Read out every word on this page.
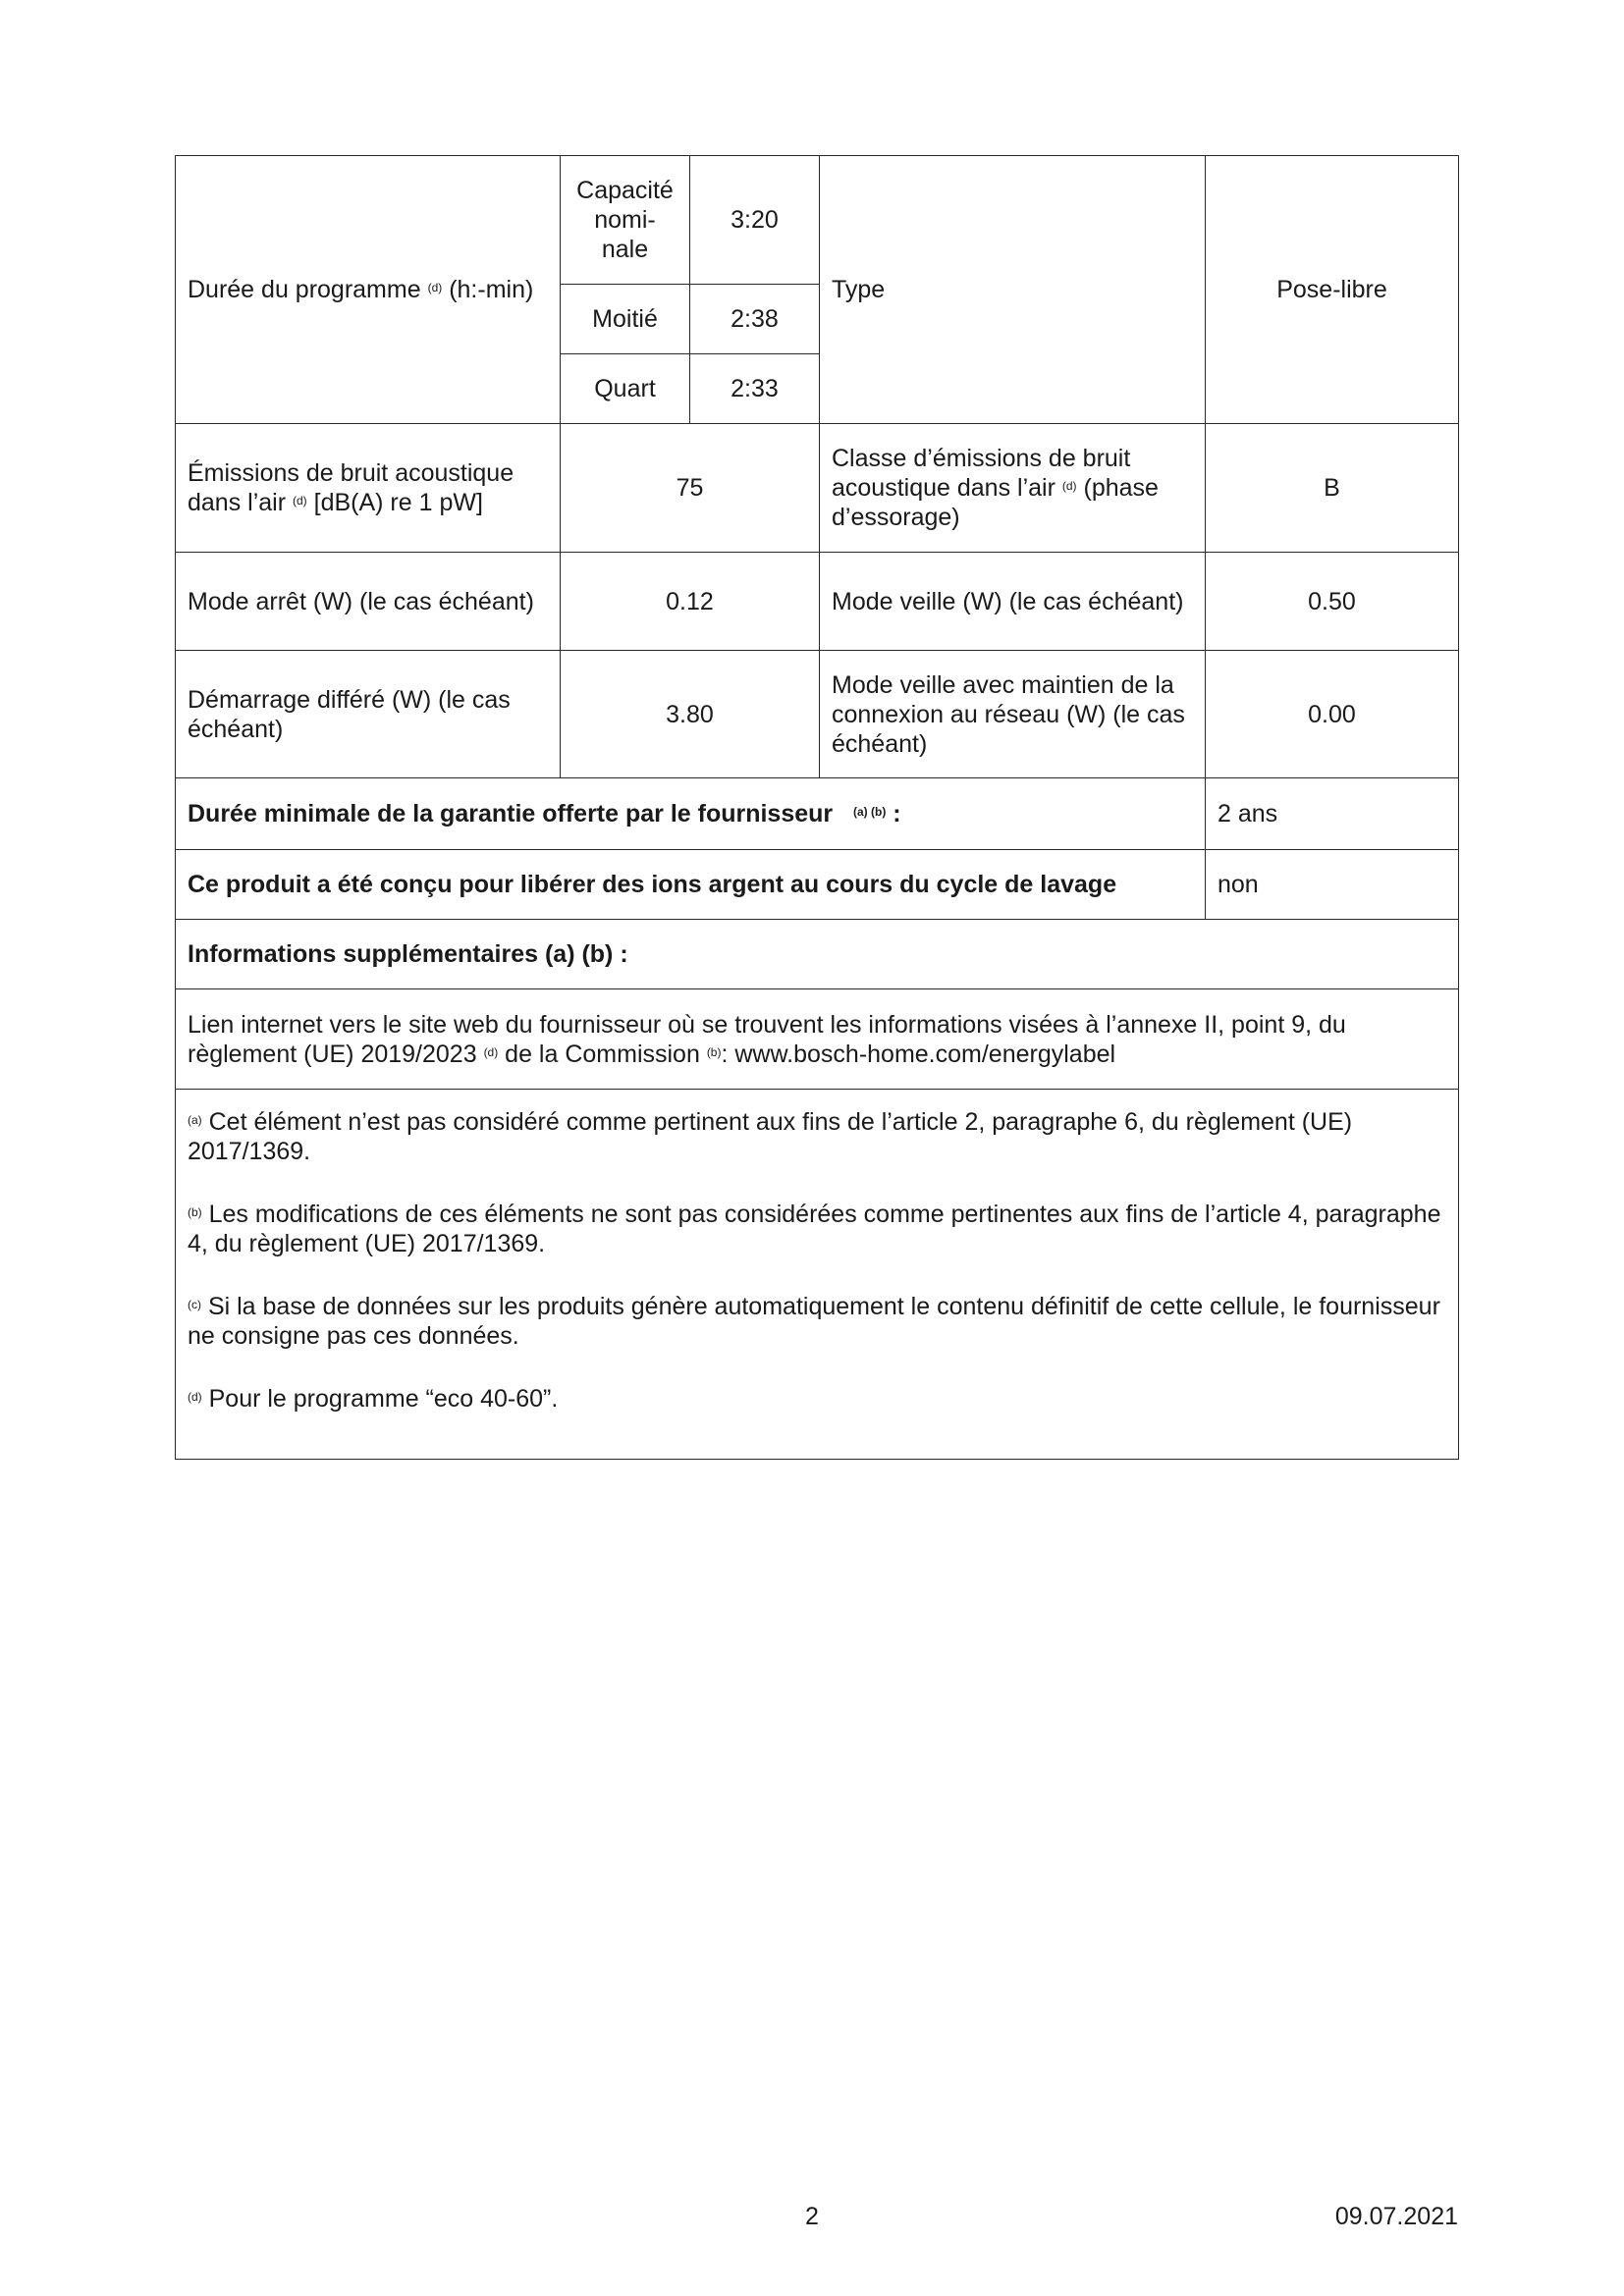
Durée du programme $^{(d)}$ (h:-min)	Capacité nomi-nale	3:20	Type	Pose-libre
	Moitié	2:38		
	Quart	2:33		
Émissions de bruit acoustique dans l’air $^{(d)}$ [dB(A) re 1 pW]	75		Classe d’émissions de bruit acoustique dans l’air $^{(d)}$ (phase d’essorage)	B
Mode arrêt (W) (le cas échéant)	0.12		Mode veille (W) (le cas échéant)	0.50
Démarrage différé (W) (le cas échéant)	3.80		Mode veille avec maintien de la connexion au réseau (W) (le cas échéant)	0.00
Durée minimale de la garantie offerte par le fournisseur $^{(a) (b)}$ :				2 ans
Ce produit a été conçu pour libérer des ions argent au cours du cycle de lavage				non
Informations supplémentaires (a) (b) :				
Lien internet vers le site web du fournisseur où se trouvent les informations visées à l’annexe II, point 9, du règlement (UE) 2019/2023 $^{(d)}$ de la Commission $^{(b)}$: www.bosch-home.com/energylabel				

$^{(a)}$ Cet élément n’est pas considéré comme pertinent aux fins de l’article 2, paragraphe 6, du règlement (UE) 2017/1369.
$^{(b)}$ Les modifications de ces éléments ne sont pas considérées comme pertinentes aux fins de l’article 4, paragraphe 4, du règlement (UE) 2017/1369.
$^{(c)}$ Si la base de données sur les produits génère automatiquement le contenu définitif de cette cellule, le fournisseur ne consigne pas ces données.
$^{(d)}$ Pour le programme “eco 40-60”.				
2	09.07.2021
